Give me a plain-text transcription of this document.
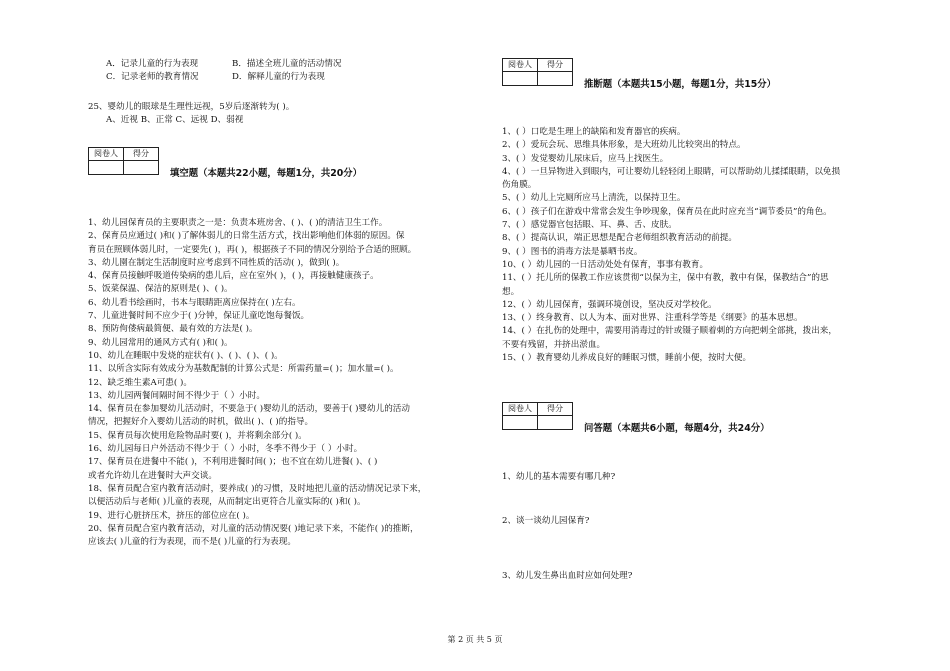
A．记录儿童的行为表现	B．描述全班儿童的活动情况

C．记录老师的教育情况	D．解释儿童的行为表现

25、婴幼儿的眼球是生理性远视，5岁后逐渐转为( )。

A、近视 B、正常 C、远视 D、弱视

阅卷人	得分

填空题（本题共22小题，每题1分，共20分）

1、幼儿园保育员的主要职责之一是：负责本班房舍、( )、( )的清洁卫生工作。

2、保育员应通过( )和( )了解体弱儿的日常生活方式，找出影响他们体弱的原因。保

育员在照顾体弱儿时，一定要先( )，再( )，根据孩子不同的情况分别给予合适的照顾。

3、幼儿園在制定生活制度时应考虑到不同性质的活动( )，做到( )。

4、保育员接触呼吸道传染病的患儿后，应在室外( )，( )，再接触健康孩子。

5、饭菜保温、保洁的原则是( )、( )。

6、幼儿看书绘画时，书本与眼睛距离应保持在( )左右。

7、儿童进餐时间不应少于( )分钟，保证儿童吃饱每餐饭。

8、预防佝偻病最简便、最有效的方法是( )。

9、幼儿园常用的通风方式有( )和( )。

10、幼儿在睡眠中发烧的症状有( )、( )、( )、( )。

11、以所含实际有效成分为基数配制的计算公式是：所需药量=( )；加水量=( )。

12、缺乏维生素A可患( )。

13、幼儿园两餐间隔时间不得少于（ ）小时。

14、保育员在参加婴幼儿活动时，不要急于( )婴幼儿的活动，要善于( )婴幼儿的活动

情况，把握好介入婴幼儿活动的时机，做出( )、( )的指导。

15、保育员每次使用危险物品时要( )，并将剩余部分( )。

16、幼儿园每日户外活动不得少于（ ）小时，冬季不得少于（ ）小时。

17、保育员在进餐中不能( )，不利用进餐时间( )；也不宜在幼儿进餐( )、( )

或者允许幼儿在进餐时大声交谈。

18、保育员配合室内教育活动时，要养成( )的习惯，及时地把儿童的活动情况记录下来，

以便活动后与老师( )儿童的表现，从而制定出更符合儿童实际的( )和( )。

19、进行心脏挤压术，挤压的部位应在( )。

20、保育员配合室内教育活动，对儿童的活动情况要( )地记录下来，不能作( )的推断，

应该去( )儿童的行为表现，而不是( )儿童的行为表现。

阅卷人	得分

推断题（本题共15小题，每题1分，共15分）

1、( ）口吃是生理上的缺陷和发育器官的疾病。

2、( ）爱玩会玩、思维具体形象，是大班幼儿比较突出的特点。

3、( ）发觉婴幼儿尿床后，应马上找医生。

4、( ）一旦异物进入到眼内，可让婴幼儿轻轻闭上眼睛，可以帮助幼儿揉揉眼睛，以免损

伤角膜。

5、( ）幼儿上完厕所应马上清洗，以保持卫生。

6、( ）孩子们在游戏中常常会发生争吵现象，保育员在此时应充当“调节委员”的角色。

7、( ）感觉器官包括眼、耳、鼻、舌、皮肤。

8、( ）提高认识，端正思想是配合老师组织教育活动的前提。

9、( ）图书的消毒方法是暴晒书皮。

10、( ）幼儿园的一日活动处处有保育，事事有教育。

11、( ）托儿所的保教工作应该贯彻“以保为主，保中有教，教中有保，保教结合”的思

想。

12、( ）幼儿园保育，强调环境创设，坚决反对学校化。

13、( ）终身教育、以人为本、面对世界、注重科学等是《纲要》的基本思想。

14、( ）在扎伤的处理中，需要用消毒过的针或镊子顺着刺的方向把刺全部挑，拨出来，

不要有残留，并挤出淤血。

15、( ）教育婴幼儿养成良好的睡眠习惯，睡前小便，按时大便。

阅卷人	得分

问答题（本题共6小题，每题4分，共24分）
1、幼儿的基本需要有哪几种?
2、谈一谈幼儿园保育?
3、幼儿发生鼻出血时应如何处理?
第 2 页 共 5 页
